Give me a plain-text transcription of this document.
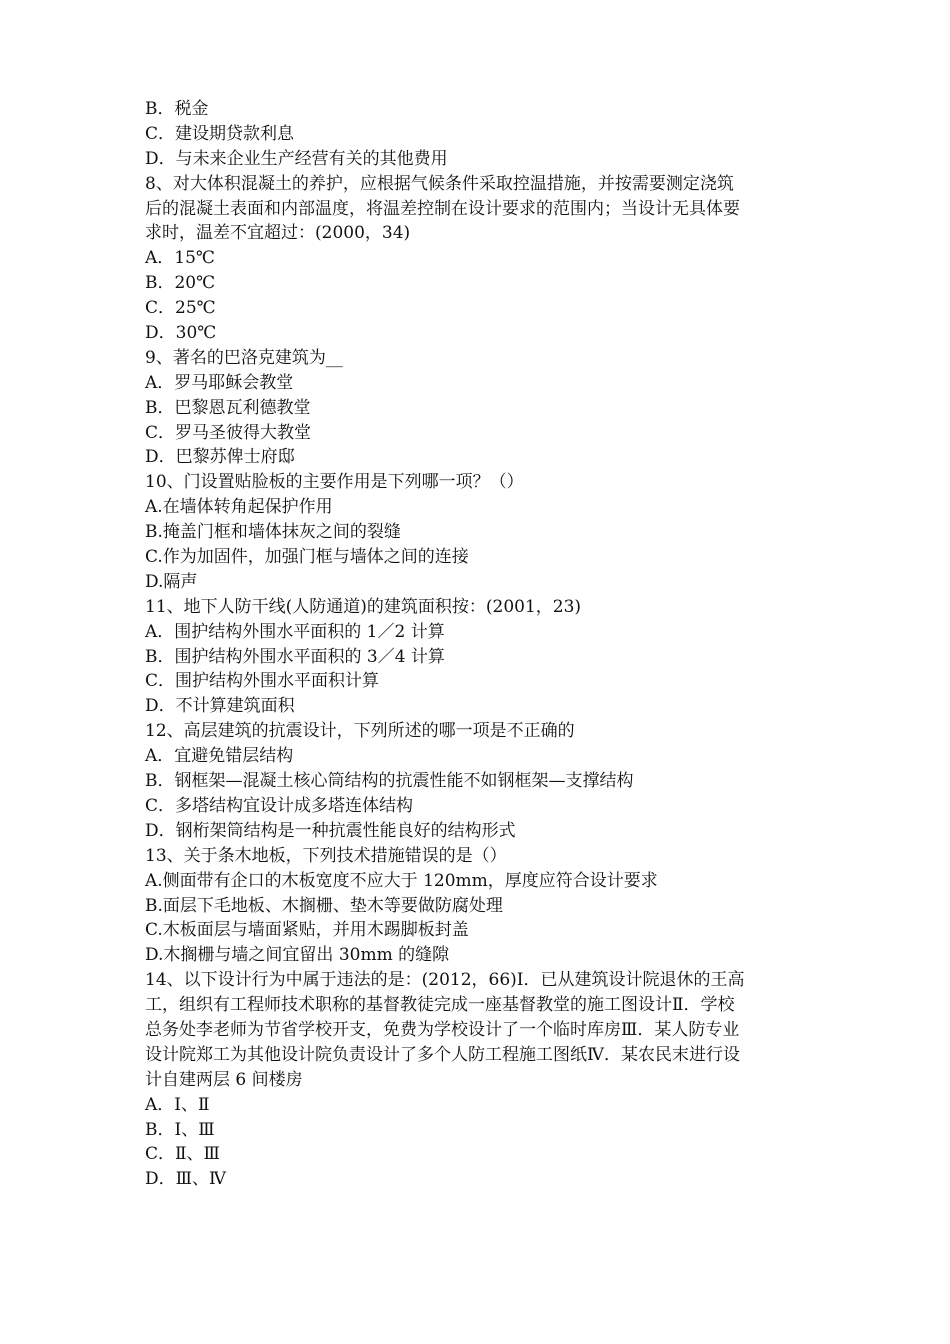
B．税金
C．建设期贷款利息
D．与未来企业生产经营有关的其他费用
8、对大体积混凝土的养护，应根据气候条件采取控温措施，并按需要测定浇筑
后的混凝土表面和内部温度，将温差控制在设计要求的范围内；当设计无具体要
求时，温差不宜超过：(2000，34)
A．15℃
B．20℃
C．25℃
D．30℃
9、著名的巴洛克建筑为__
A．罗马耶稣会教堂
B．巴黎恩瓦利德教堂
C．罗马圣彼得大教堂
D．巴黎苏俾士府邸
10、门设置贴脸板的主要作用是下列哪一项？（）
A.在墙体转角起保护作用
B.掩盖门框和墙体抹灰之间的裂缝
C.作为加固件，加强门框与墙体之间的连接
D.隔声
11、地下人防干线(人防通道)的建筑面积按：(2001，23)
A．围护结构外围水平面积的 1／2 计算
B．围护结构外围水平面积的 3／4 计算
C．围护结构外围水平面积计算
D．不计算建筑面积
12、高层建筑的抗震设计，下列所述的哪一项是不正确的
A．宜避免错层结构
B．钢框架—混凝土核心筒结构的抗震性能不如钢框架—支撑结构
C．多塔结构宜设计成多塔连体结构
D．钢桁架筒结构是一种抗震性能良好的结构形式
13、关于条木地板，下列技术措施错误的是（）
A.侧面带有企口的木板宽度不应大于 120mm，厚度应符合设计要求
B.面层下毛地板、木搁栅、垫木等要做防腐处理
C.木板面层与墙面紧贴，并用木踢脚板封盖
D.木搁栅与墙之间宜留出 30mm 的缝隙
14、以下设计行为中属于违法的是：(2012，66)Ⅰ．已从建筑设计院退休的王高
工，组织有工程师技术职称的基督教徒完成一座基督教堂的施工图设计Ⅱ．学校
总务处李老师为节省学校开支，免费为学校设计了一个临时库房Ⅲ．某人防专业
设计院郑工为其他设计院负责设计了多个人防工程施工图纸Ⅳ．某农民末进行设
计自建两层 6 间楼房
A．Ⅰ、Ⅱ
B．Ⅰ、Ⅲ
C．Ⅱ、Ⅲ
D．Ⅲ、Ⅳ
